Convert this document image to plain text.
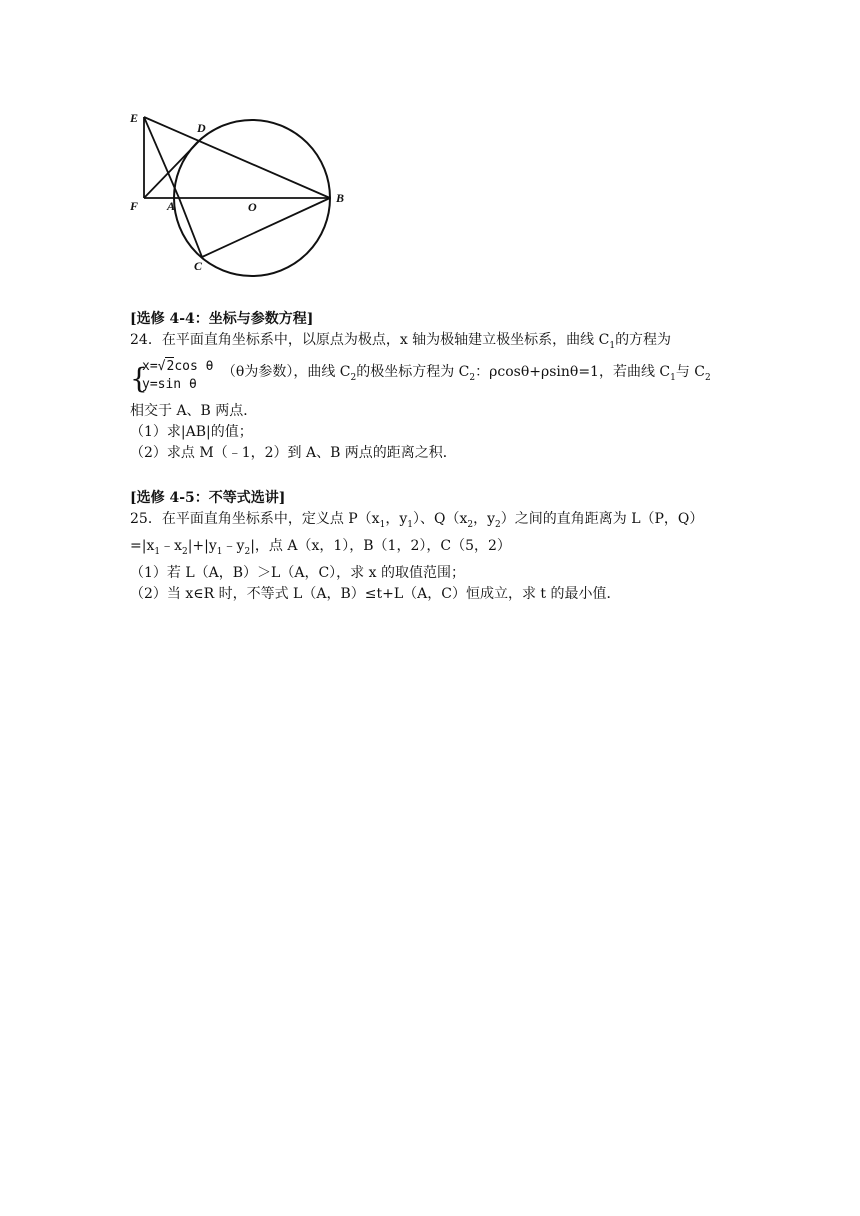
E
D
F A	O
B
C
[选修 4-4：坐标与参数方程]
24．在平面直角坐标系中，以原点为极点，x 轴为极轴建立极坐标系，曲线 $C_1$的方程为
{
x=√2cos θ
y=sin θ
（θ为参数），曲线 $C_2$的极坐标方程为 $C_2$：ρcosθ+ρsinθ=1，若曲线 $C_1$与 $C_2$
相交于 A、B 两点．
（1）求|AB|的值；
（2）求点 M（﹣1，2）到 A、B 两点的距离之积．
[选修 4-5：不等式选讲]
25．在平面直角坐标系中，定义点 $P(x_1$，$y_1$）、$Q(x_2$，$y_2$）之间的直角距离为 L（P，Q）
$=|x_1﹣x_2|+|y_1﹣y_2|$，点 A（x，1），B（1，2），C（5，2）
（1）若 L（A，B）＞L（A，C），求 x 的取值范围；
（2）当 x∈R 时，不等式 L（A，B）≤t+L（A，C）恒成立，求 t 的最小值．
